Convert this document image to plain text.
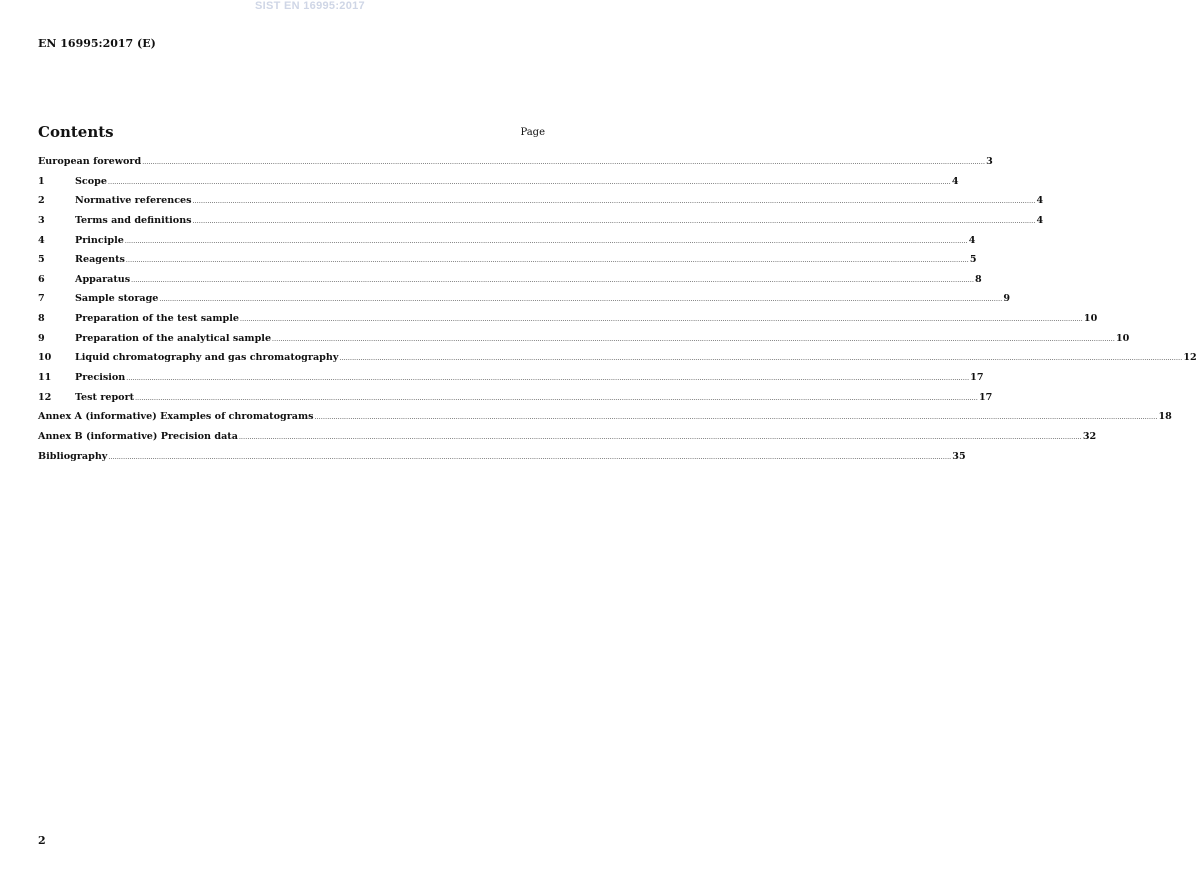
SIST EN 16995:2017
EN 16995:2017 (E)
Contents	Page
European foreword ................................................................................................................................................................................................................................................................................................................................................................................................................ 3
1	Scope ................................................................................................................................................................................................................................................................................................................................................................................................................ 4
2	Normative references ................................................................................................................................................................................................................................................................................................................................................................................................................ 4
3	Terms and definitions ................................................................................................................................................................................................................................................................................................................................................................................................................ 4
4	Principle ................................................................................................................................................................................................................................................................................................................................................................................................................ 4
5	Reagents ................................................................................................................................................................................................................................................................................................................................................................................................................ 5
6	Apparatus ................................................................................................................................................................................................................................................................................................................................................................................................................ 8
7	Sample storage ................................................................................................................................................................................................................................................................................................................................................................................................................ 9
8	Preparation of the test sample ................................................................................................................................................................................................................................................................................................................................................................................................................ 10
9	Preparation of the analytical sample ................................................................................................................................................................................................................................................................................................................................................................................................................ 10
10	Liquid chromatography and gas chromatography ................................................................................................................................................................................................................................................................................................................................................................................................................ 12
11	Precision ................................................................................................................................................................................................................................................................................................................................................................................................................ 17
12	Test report ................................................................................................................................................................................................................................................................................................................................................................................................................ 17
Annex A (informative) Examples of chromatograms ................................................................................................................................................................................................................................................................................................................................................................................................................ 18
Annex B (informative) Precision data ................................................................................................................................................................................................................................................................................................................................................................................................................ 32
Bibliography ................................................................................................................................................................................................................................................................................................................................................................................................................ 35
2
